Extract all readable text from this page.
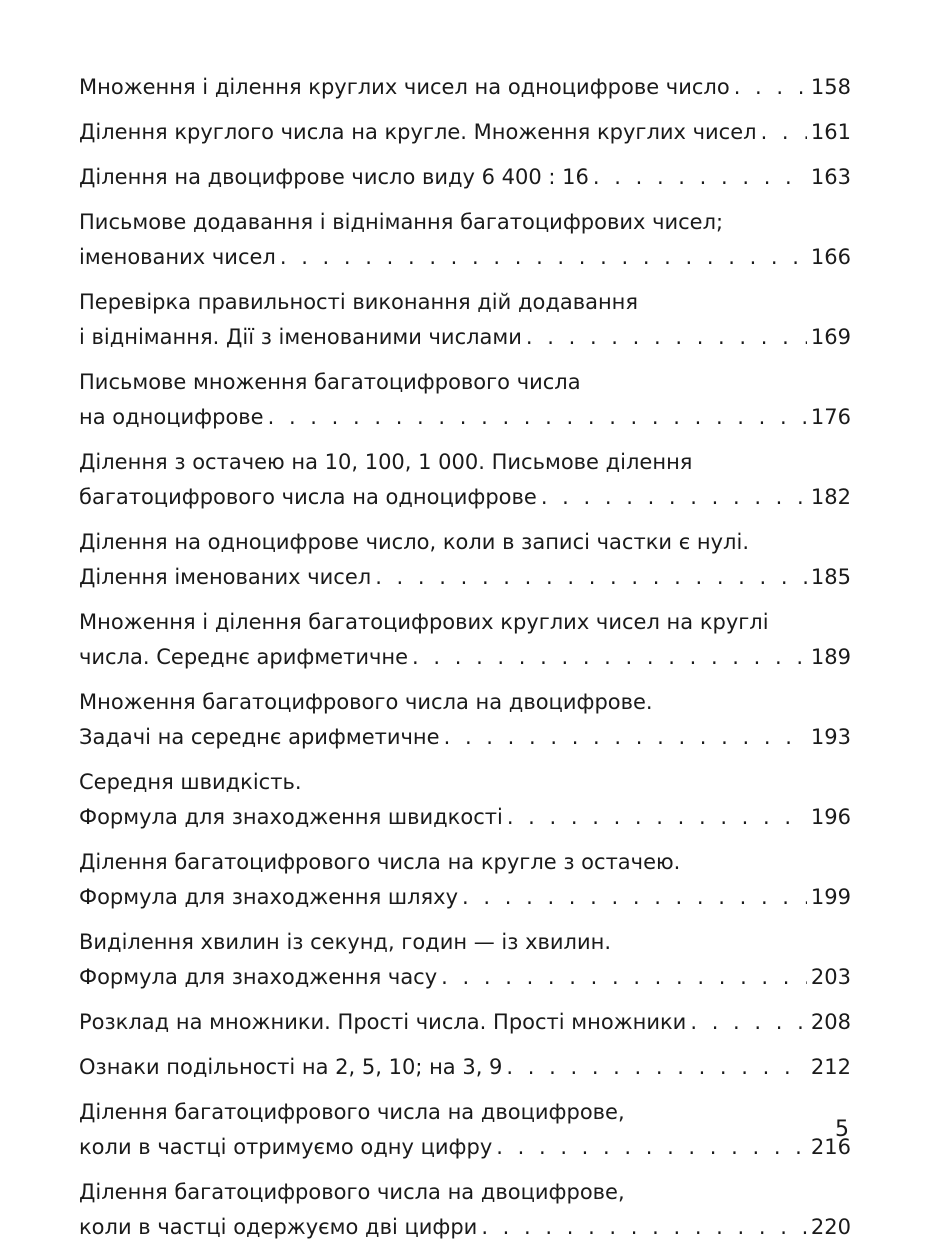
Множення і ділення круглих чисел на одноцифрове число . . .	158
Ділення круглого числа на круглe. Множення круглих чисел . . .	161
Ділення на двоцифрове число виду 6 400 : 16 . . .	163
Письмове додавання і віднімання багатоцифрових чисел;
іменованих чисел . . .	166
Перевірка правильності виконання дій додавання
і віднімання. Дії з іменованими числами . . .	169
Письмове множення багатоцифрового числа
на одноцифрове . . .	176
Ділення з остачею на 10, 100, 1 000. Письмове ділення
багатоцифрового числа на одноцифрове . . .	182
Ділення на одноцифрове число, коли в записі частки є нулі.
Ділення іменованих чисел . . .	185
Множення і ділення багатоцифрових круглих чисел на круглі
числа. Середнє арифметичне . . .	189
Множення багатоцифрового числа на двоцифрове.
Задачі на середнє арифметичне . . .	193
Середня швидкість.
Формула для знаходження швидкості . . .	196
Ділення багатоцифрового числа на круглe з остачею.
Формула для знаходження шляху . . .	199
Виділення хвилин із секунд, годин — із хвилин.
Формула для знаходження часу . . .	203
Розклад на множники. Прості числа. Прості множники . . .	208
Ознаки подільності на 2, 5, 10; на 3, 9 . . .	212
Ділення багатоцифрового числа на двоцифрове,
коли в частці отримуємо одну цифру . . .	216
Ділення багатоцифрового числа на двоцифрове,
коли в частці одержуємо дві цифри . . .	220
5
